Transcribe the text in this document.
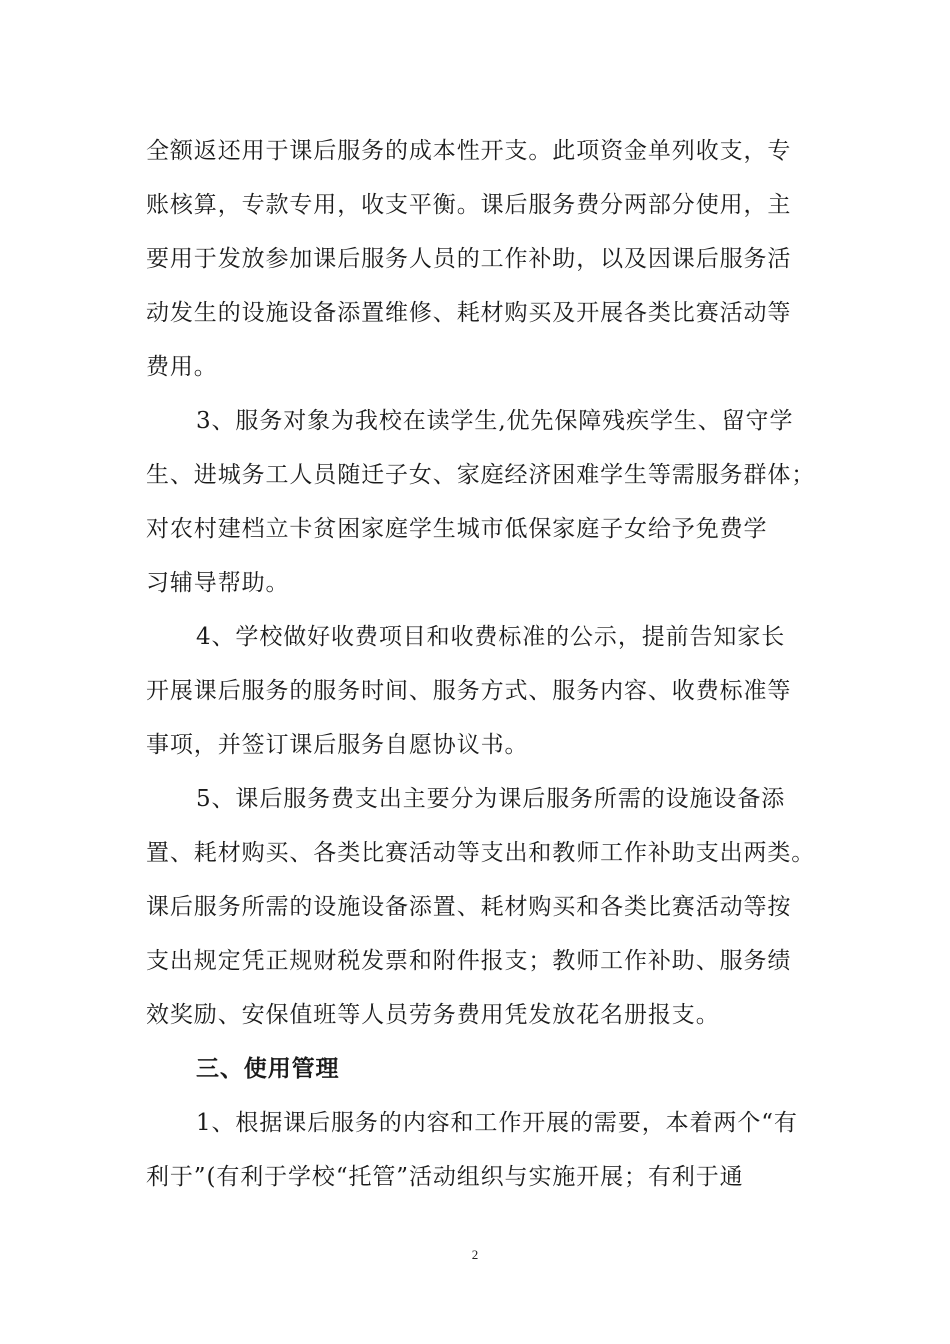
全额返还用于课后服务的成本性开支。此项资金单列收支，专
账核算，专款专用，收支平衡。课后服务费分两部分使用，主
要用于发放参加课后服务人员的工作补助，以及因课后服务活
动发生的设施设备添置维修、耗材购买及开展各类比赛活动等
费用。
3、服务对象为我校在读学生,优先保障残疾学生、留守学
生、进城务工人员随迁子女、家庭经济困难学生等需服务群体；
对农村建档立卡贫困家庭学生城市低保家庭子女给予免费学
习辅导帮助。
4、学校做好收费项目和收费标准的公示，提前告知家长
开展课后服务的服务时间、服务方式、服务内容、收费标准等
事项，并签订课后服务自愿协议书。
5、课后服务费支出主要分为课后服务所需的设施设备添
置、耗材购买、各类比赛活动等支出和教师工作补助支出两类。
课后服务所需的设施设备添置、耗材购买和各类比赛活动等按
支出规定凭正规财税发票和附件报支；教师工作补助、服务绩
效奖励、安保值班等人员劳务费用凭发放花名册报支。
三、使用管理
1、根据课后服务的内容和工作开展的需要，本着两个“有
利于”(有利于学校“托管”活动组织与实施开展；有利于通
2
